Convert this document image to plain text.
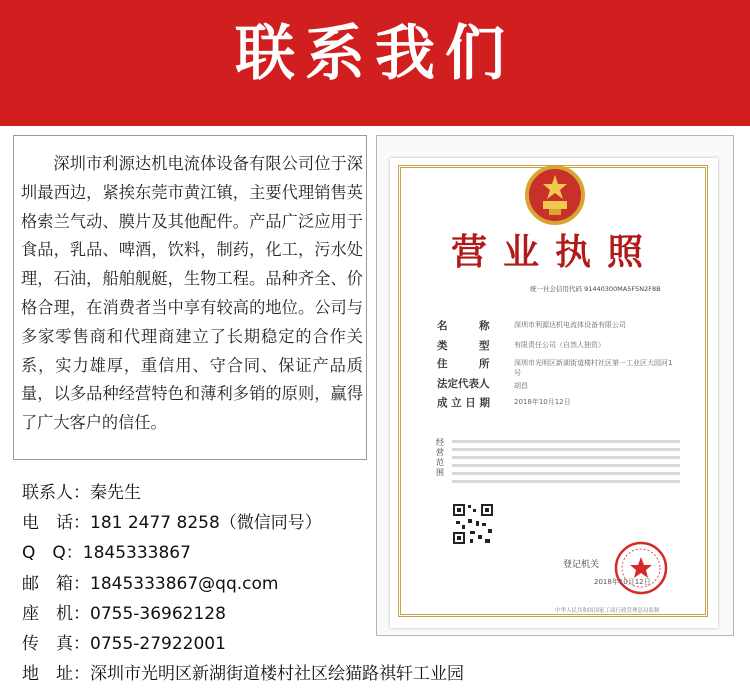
联系我们
深圳市利源达机电流体设备有限公司位于深圳最西边，紧挨东莞市黄江镇，主要代理销售英格索兰气动、膜片及其他配件。产品广泛应用于食品，乳品、啤酒，饮料，制药，化工，污水处理，石油，船舶舰艇，生物工程。品种齐全、价格合理，在消费者当中享有较高的地位。公司与多家零售商和代理商建立了长期稳定的合作关系，实力雄厚，重信用、守合同、保证产品质量，以多品种经营特色和薄利多销的原则，赢得了广大客户的信任。
联系人：秦先生
电　话：181 2477 8258（微信同号）
Q　Q：1845333867
邮　箱：1845333867@qq.com
座　机：0755-36962128
传　真：0755-27922001
地　址：深圳市光明区新湖街道楼村社区绘猫路祺轩工业园
营业执照
统一社会信用代码 91440300MA5F5N2F8B
名　　　称	深圳市利源达机电流体设备有限公司
类　　　型	有限责任公司（自然人独资）
住　　　所	深圳市光明区新湖街道楼村社区第一工业区大园河1号
法定代表人	胡昌
成 立 日 期	2018年10月12日
经营范围
登记机关
2018年10月12日
中华人民共和国国家工商行政管理总局监制
